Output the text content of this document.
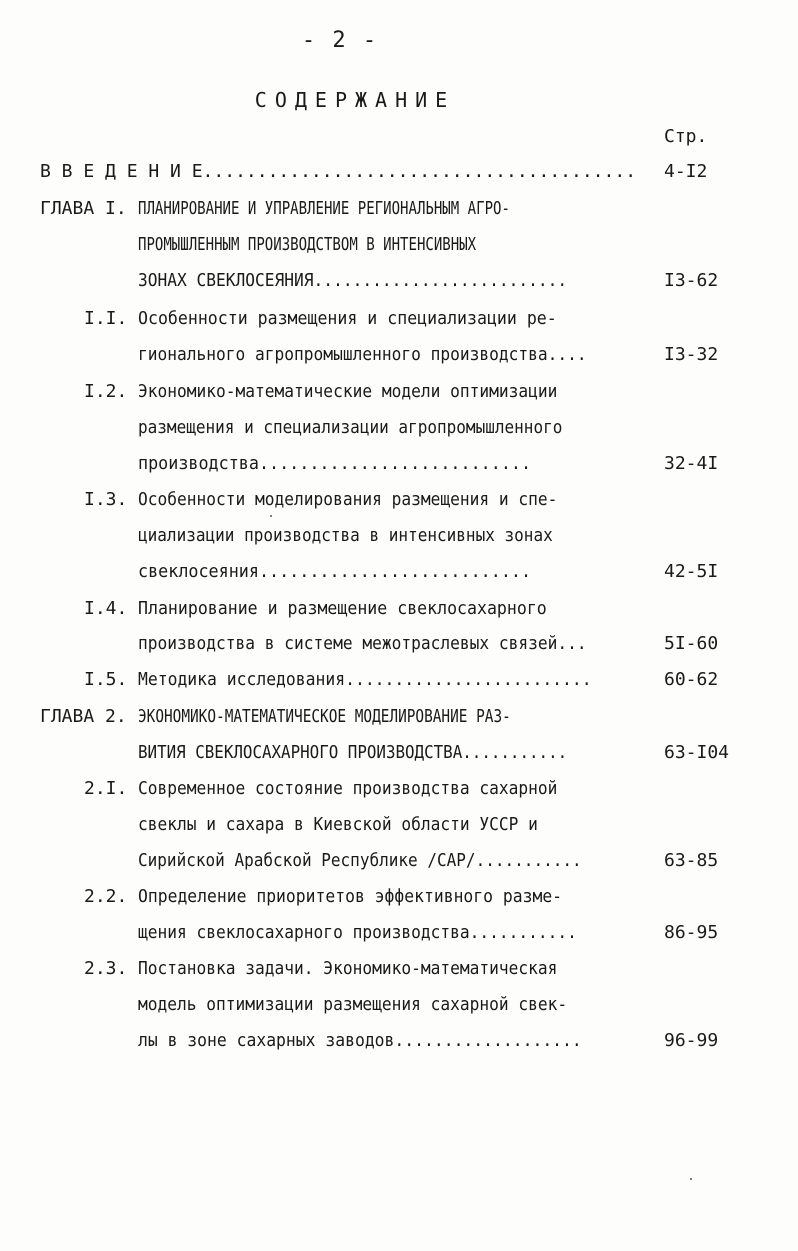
- 2 -
СОДЕРЖАНИЕ
Стр.
В В Е Д Е Н И Е........................................ 4-I2
ГЛАВА I. ПЛАНИРОВАНИЕ И УПРАВЛЕНИЕ РЕГИОНАЛЬНЫМ АГРО-
ПРОМЫШЛЕННЫМ ПРОИЗВОДСТВОМ В ИНТЕНСИВНЫХ
ЗОНАХ СВЕКЛОСЕЯНИЯ..........................	I3-62
I.I. Особенности размещения и специализации ре-
гионального агропромышленного производства....	I3-32
I.2. Экономико-математические модели оптимизации
размещения и специализации агропромышленного
производства...........................	32-4I
I.3. Особенности моделирования размещения и спе-
циализации производства в интенсивных зонах
свеклосеяния...........................	42-5I
I.4. Планирование и размещение свеклосахарного
производства в системе межотраслевых связей...	5I-60
I.5. Методика исследования.........................	60-62
ГЛАВА 2. ЭКОНОМИКО-МАТЕМАТИЧЕСКОЕ МОДЕЛИРОВАНИЕ РАЗ-
ВИТИЯ СВЕКЛОСАХАРНОГО ПРОИЗВОДСТВА...........	63-I04
2.I. Современное состояние производства сахарной
свеклы и сахара в Киевской области УССР и
Сирийской Арабской Республике /САР/...........	63-85
2.2. Определение приоритетов эффективного разме-
щения свеклосахарного производства...........	86-95
2.3. Постановка задачи. Экономико-математическая
модель оптимизации размещения сахарной свек-
лы в зоне сахарных заводов...................	96-99
